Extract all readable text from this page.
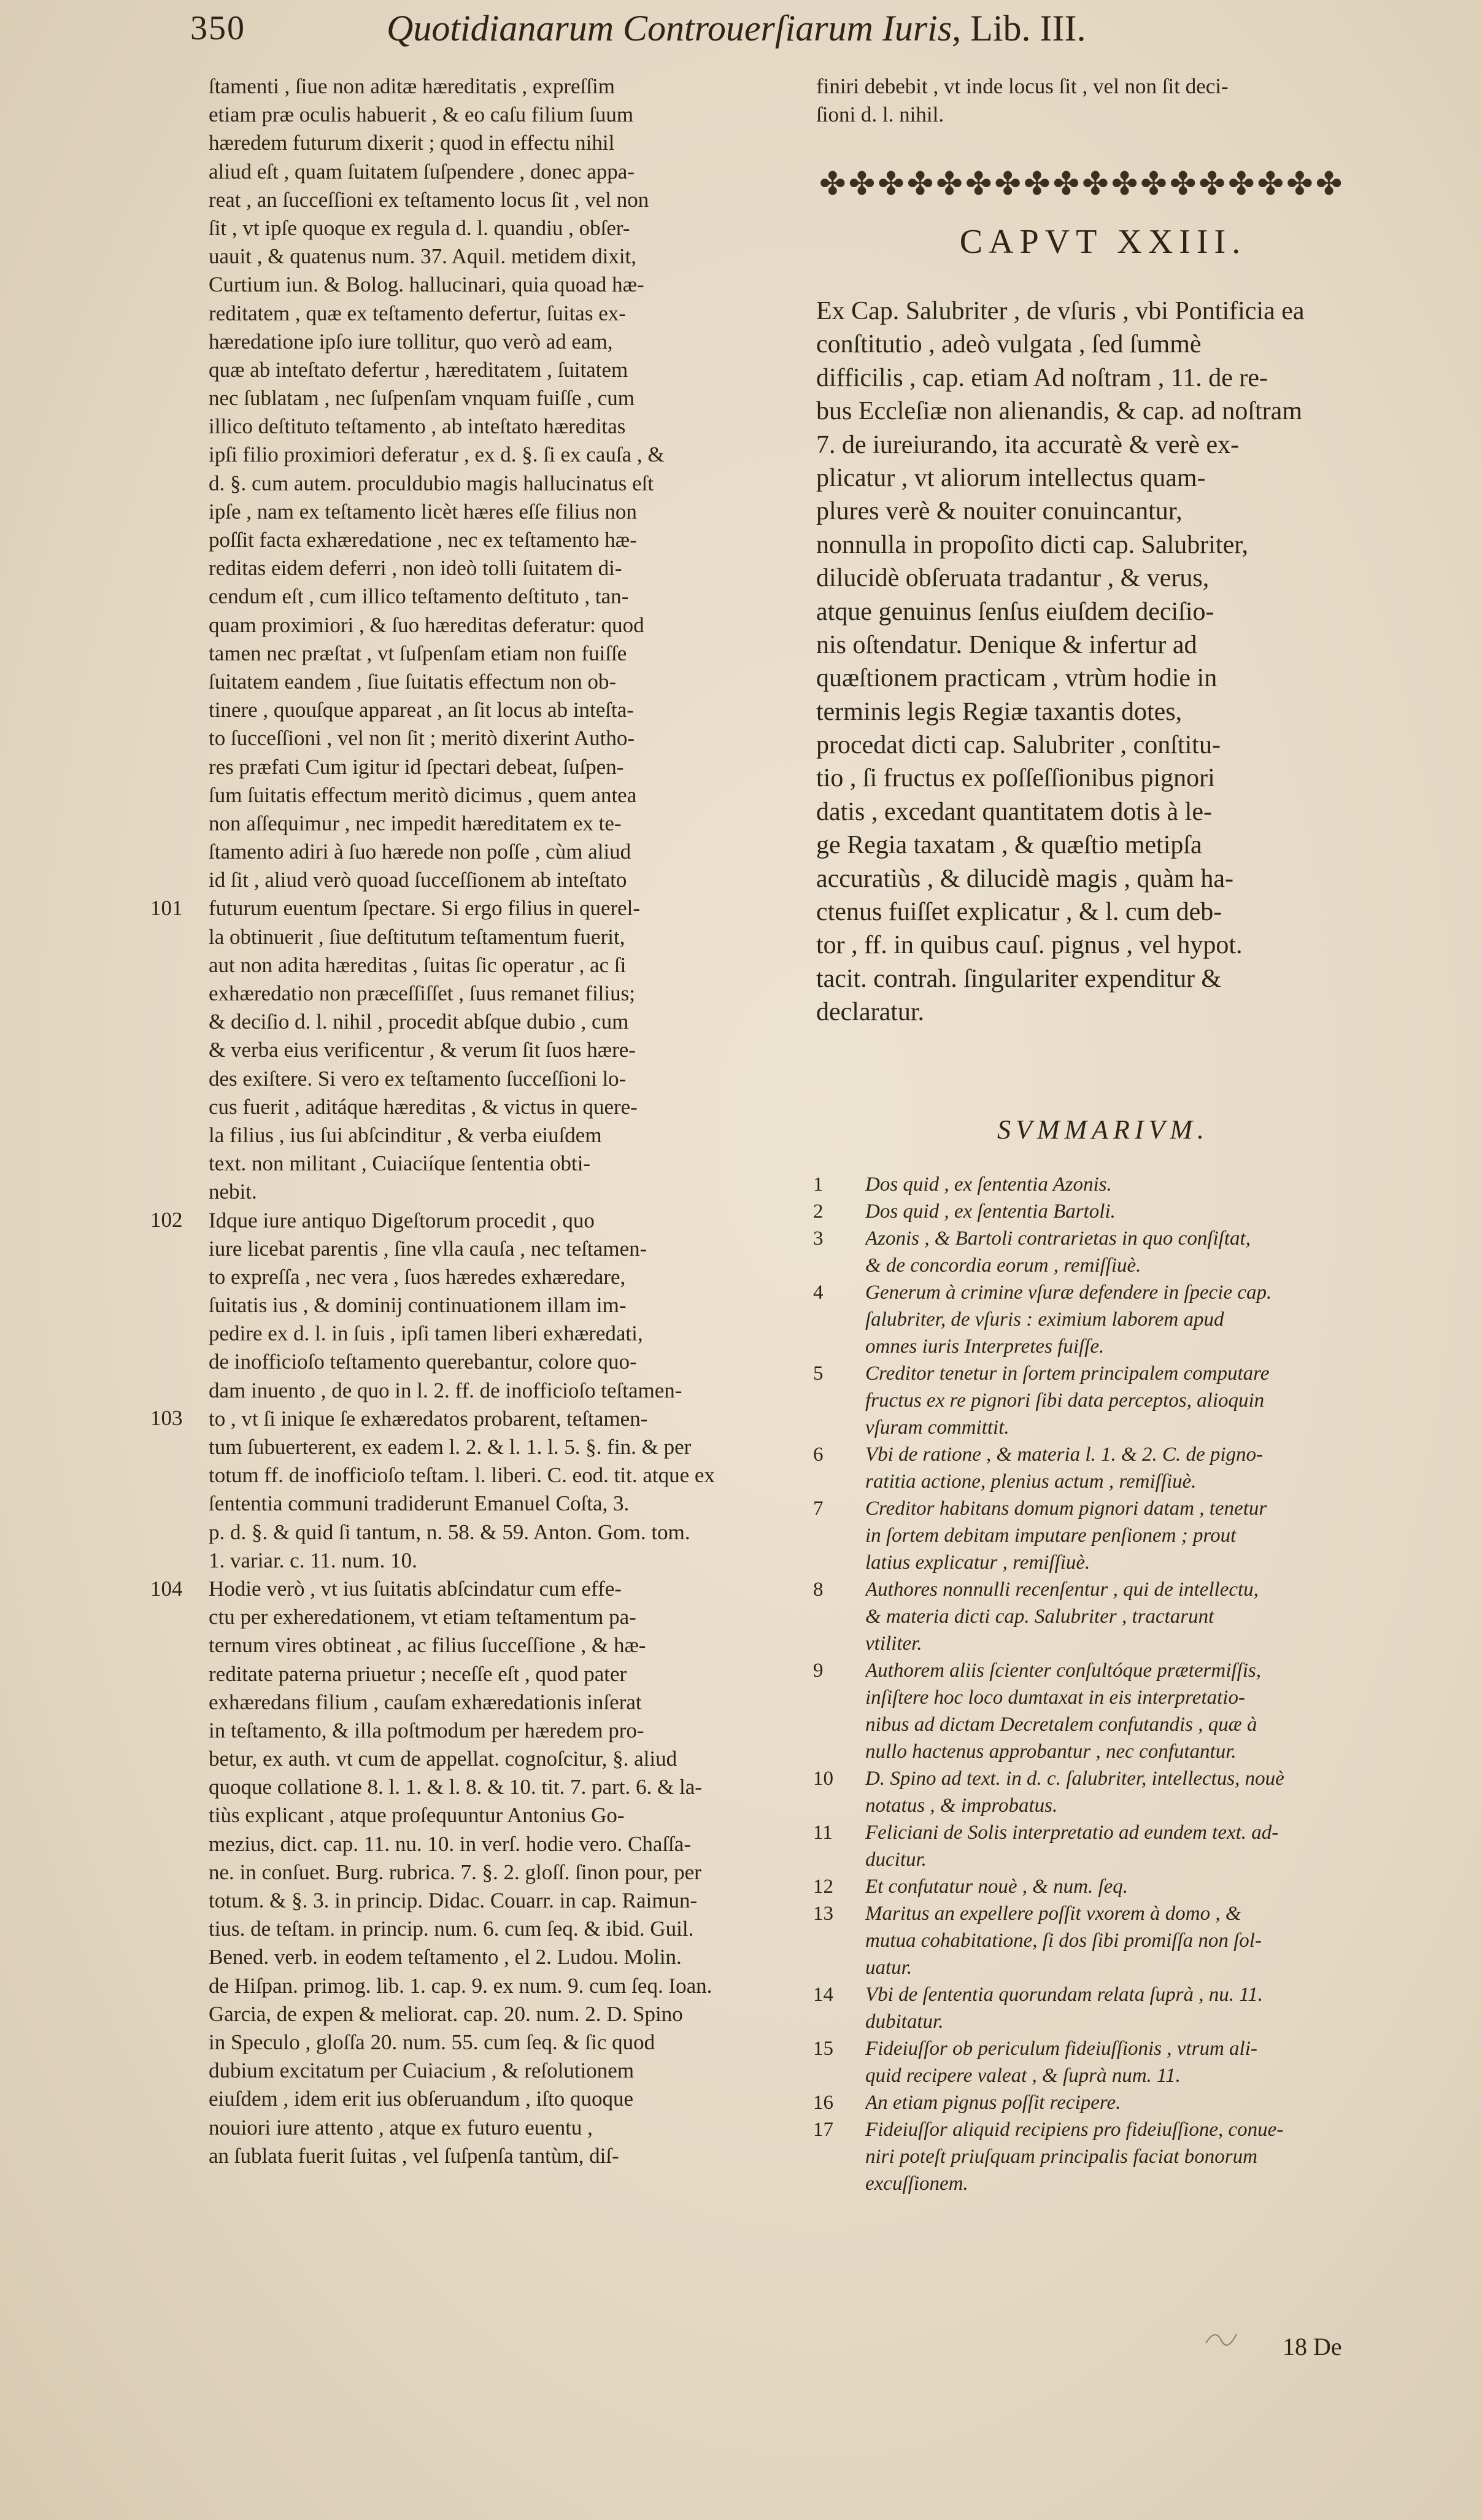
350	Quotidianarum Controuerſiarum Iuris, Lib. III.
ſtamenti , ſiue non aditæ hæreditatis , expreſſim
etiam præ oculis habuerit , & eo caſu filium ſuum
hæredem futurum dixerit ; quod in effectu nihil
aliud eſt , quam ſuitatem ſuſpendere , donec appa-
reat , an ſucceſſioni ex teſtamento locus ſit , vel non
ſit , vt ipſe quoque ex regula d. l. quandiu , obſer-
uauit , & quatenus num. 37. Aquil. metidem dixit,
Curtium iun. & Bolog. hallucinari, quia quoad hæ-
reditatem , quæ ex teſtamento defertur, ſuitas ex-
hæredatione ipſo iure tollitur, quo verò ad eam,
quæ ab inteſtato defertur , hæreditatem , ſuitatem
nec ſublatam , nec ſuſpenſam vnquam fuiſſe , cum
illico deſtituto teſtamento , ab inteſtato hæreditas
ipſi filio proximiori deferatur , ex d. §. ſi ex cauſa , &
d. §. cum autem. proculdubio magis hallucinatus eſt
ipſe , nam ex teſtamento licèt hæres eſſe filius non
poſſit facta exhæredatione , nec ex teſtamento hæ-
reditas eidem deferri , non ideò tolli ſuitatem di-
cendum eſt , cum illico teſtamento deſtituto , tan-
quam proximiori , & ſuo hæreditas deferatur: quod
tamen nec præſtat , vt ſuſpenſam etiam non fuiſſe
ſuitatem eandem , ſiue ſuitatis effectum non ob-
tinere , quouſque appareat , an ſit locus ab inteſta-
to ſucceſſioni , vel non ſit ; meritò dixerint Autho-
res præfati Cum igitur id ſpectari debeat, ſuſpen-
ſum ſuitatis effectum meritò dicimus , quem antea
non aſſequimur , nec impedit hæreditatem ex te-
ſtamento adiri à ſuo hærede non poſſe , cùm aliud
id ſit , aliud verò quoad ſucceſſionem ab inteſtato
futurum euentum ſpectare. Si ergo filius in querel-
la obtinuerit , ſiue deſtitutum teſtamentum fuerit,
aut non adita hæreditas , ſuitas ſic operatur , ac ſi
exhæredatio non præceſſiſſet , ſuus remanet filius;
& deciſio d. l. nihil , procedit abſque dubio , cum
& verba eius verificentur , & verum ſit ſuos hære-
des exiſtere. Si vero ex teſtamento ſucceſſioni lo-
cus fuerit , aditáque hæreditas , & victus in quere-
la filius , ius ſui abſcinditur , & verba eiuſdem
text. non militant , Cuiaciíque ſententia obti-
nebit.
Idque iure antiquo Digeſtorum procedit , quo
iure licebat parentis , ſine vlla cauſa , nec teſtamen-
to expreſſa , nec vera , ſuos hæredes exhæredare,
ſuitatis ius , & dominij continuationem illam im-
pedire ex d. l. in ſuis , ipſi tamen liberi exhæredati,
de inofficioſo teſtamento querebantur, colore quo-
dam inuento , de quo in l. 2. ff. de inofficioſo teſtamen-
to , vt ſi inique ſe exhæredatos probarent, teſtamen-
tum ſubuerterent, ex eadem l. 2. & l. 1. l. 5. §. fin. & per
totum ff. de inofficioſo teſtam. l. liberi. C. eod. tit. atque ex
ſententia communi tradiderunt Emanuel Coſta, 3.
p. d. §. & quid ſi tantum, n. 58. & 59. Anton. Gom. tom.
1. variar. c. 11. num. 10.
Hodie verò , vt ius ſuitatis abſcindatur cum effe-
ctu per exheredationem, vt etiam teſtamentum pa-
ternum vires obtineat , ac filius ſucceſſione , & hæ-
reditate paterna priuetur ; neceſſe eſt , quod pater
exhæredans filium , cauſam exhæredationis inſerat
in teſtamento, & illa poſtmodum per hæredem pro-
betur, ex auth. vt cum de appellat. cognoſcitur, §. aliud
quoque collatione 8. l. 1. & l. 8. & 10. tit. 7. part. 6. & la-
tiùs explicant , atque proſequuntur Antonius Go-
mezius, dict. cap. 11. nu. 10. in verſ. hodie vero. Chaſſa-
ne. in conſuet. Burg. rubrica. 7. §. 2. gloſſ. ſinon pour, per
totum. & §. 3. in princip. Didac. Couarr. in cap. Raimun-
tius. de teſtam. in princip. num. 6. cum ſeq. & ibid. Guil.
Bened. verb. in eodem teſtamento , el 2. Ludou. Molin.
de Hiſpan. primog. lib. 1. cap. 9. ex num. 9. cum ſeq. Ioan.
Garcia, de expen & meliorat. cap. 20. num. 2. D. Spino
in Speculo , gloſſa 20. num. 55. cum ſeq. & ſic quod
dubium excitatum per Cuiacium , & reſolutionem
eiuſdem , idem erit ius obſeruandum , iſto quoque
nouiori iure attento , atque ex futuro euentu ,
an ſublata fuerit ſuitas , vel ſuſpenſa tantùm, diſ-
101
102
103
104
finiri debebit , vt inde locus ſit , vel non ſit deci-
ſioni d. l. nihil.
✤✤✤✤✤✤✤✤✤✤✤✤✤✤✤✤✤✤
CAPVT XXIII.
Ex Cap. Salubriter , de vſuris , vbi Pontificia ea
conſtitutio , adeò vulgata , ſed ſummè
difficilis , cap. etiam Ad noſtram , 11. de re-
bus Eccleſiæ non alienandis, & cap. ad noſtram
7. de iureiurando, ita accuratè & verè ex-
plicatur , vt aliorum intellectus quam-
plures verè & nouiter conuincantur,
nonnulla in propoſito dicti cap. Salubriter,
dilucidè obſeruata tradantur , & verus,
atque genuinus ſenſus eiuſdem deciſio-
nis oſtendatur. Denique & infertur ad
quæſtionem practicam , vtrùm hodie in
terminis legis Regiæ taxantis dotes,
procedat dicti cap. Salubriter , conſtitu-
tio , ſi fructus ex poſſeſſionibus pignori
datis , excedant quantitatem dotis à le-
ge Regia taxatam , & quæſtio metipſa
accuratiùs , & dilucidè magis , quàm ha-
ctenus fuiſſet explicatur , & l. cum deb-
tor , ff. in quibus cauſ. pignus , vel hypot.
tacit. contrah. ſingulariter expenditur &
declaratur.
SVMMARIVM.
1 Dos quid , ex ſententia Azonis.
2 Dos quid , ex ſententia Bartoli.
3 Azonis , & Bartoli contrarietas in quo conſiſtat,
& de concordia eorum , remiſſiuè.
4 Generum à crimine vſuræ defendere in ſpecie cap.
ſalubriter, de vſuris : eximium laborem apud
omnes iuris Interpretes fuiſſe.
5 Creditor tenetur in ſortem principalem computare
fructus ex re pignori ſibi data perceptos, alioquin
vſuram committit.
6 Vbi de ratione , & materia l. 1. & 2. C. de pigno-
ratitia actione, plenius actum , remiſſiuè.
7 Creditor habitans domum pignori datam , tenetur
in ſortem debitam imputare penſionem ; prout
latius explicatur , remiſſiuè.
8 Authores nonnulli recenſentur , qui de intellectu,
& materia dicti cap. Salubriter , tractarunt
vtiliter.
9 Authorem aliis ſcienter conſultóque prætermiſſis,
inſiſtere hoc loco dumtaxat in eis interpretatio-
nibus ad dictam Decretalem confutandis , quæ à
nullo hactenus approbantur , nec confutantur.
10 D. Spino ad text. in d. c. ſalubriter, intellectus, nouè
notatus , & improbatus.
11 Feliciani de Solis interpretatio ad eundem text. ad-
ducitur.
12 Et confutatur nouè , & num. ſeq.
13 Maritus an expellere poſſit vxorem à domo , &
mutua cohabitatione, ſi dos ſibi promiſſa non ſol-
uatur.
14 Vbi de ſententia quorundam relata ſuprà , nu. 11.
dubitatur.
15 Fideiuſſor ob periculum fideiuſſionis , vtrum ali-
quid recipere valeat , & ſuprà num. 11.
16 An etiam pignus poſſit recipere.
17 Fideiuſſor aliquid recipiens pro fideiuſſione, conue-
niri poteſt priuſquam principalis faciat bonorum
excuſſionem.
18 De
